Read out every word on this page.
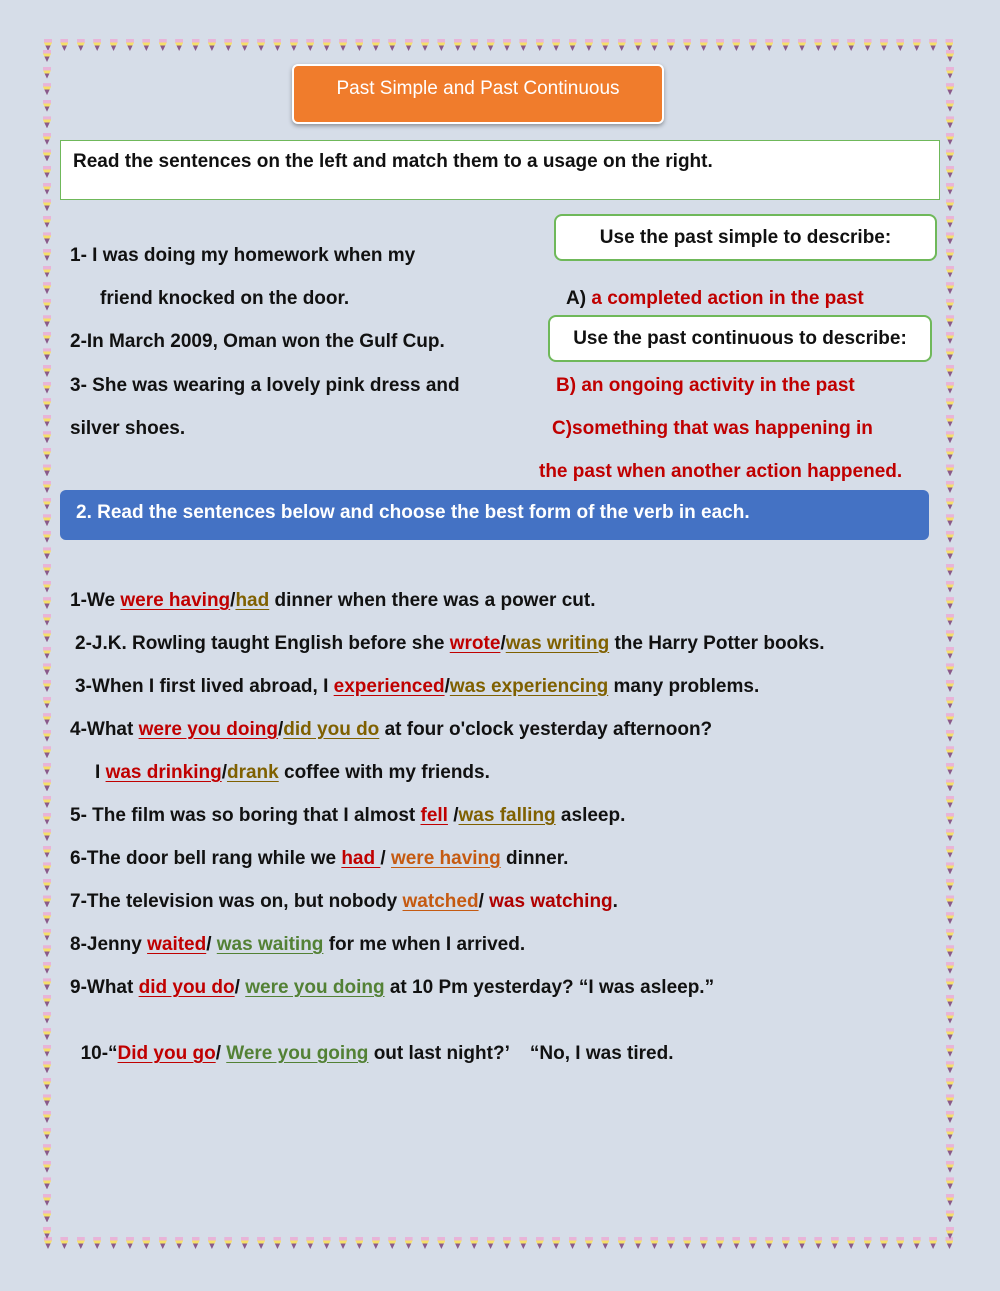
Past Simple and Past Continuous
Read the sentences on the left and match them to a usage on the right.
1- I was doing my homework when my
friend knocked on the door.
2-In March 2009, Oman won the Gulf Cup.
3- She was wearing a lovely pink dress and
silver shoes.
Use the past simple to describe:
A) a completed action in the past
Use the past continuous to describe:
B) an ongoing activity in the past
C)something that was happening in
the past when another action happened.
2. Read the sentences below and choose the best form of the verb in each.
1-We were having/had dinner when there was a power cut.
2-J.K. Rowling taught English before she wrote/was writing the Harry Potter books.
3-When I first lived abroad, I experienced/was experiencing many problems.
4-What were you doing/did you do at four o'clock yesterday afternoon?
I was drinking/drank coffee with my friends.
5- The film was so boring that I almost fell /was falling asleep.
6-The door bell rang while we had / were having dinner.
7-The television was on, but nobody watched/ was watching.
8-Jenny waited/ was waiting for me when I arrived.
9-What did you do/ were you doing at 10 Pm yesterday? “I was asleep.”

10-“Did you go/ Were you going out last night?’    “No, I was tired.
